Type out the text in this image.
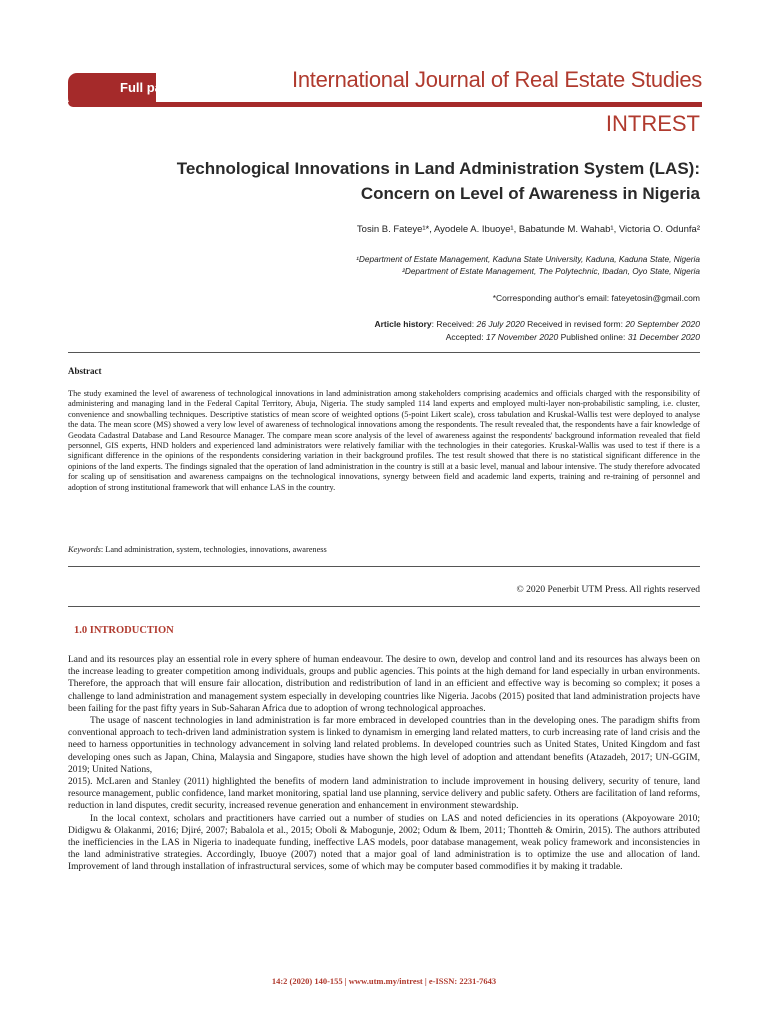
Full paper	International Journal of Real Estate Studies
INTREST
Technological Innovations in Land Administration System (LAS):
Concern on Level of Awareness in Nigeria
Tosin B. Fateye¹*, Ayodele A. Ibuoye¹, Babatunde M. Wahab¹, Victoria O. Odunfa²
¹Department of Estate Management, Kaduna State University, Kaduna, Kaduna State, Nigeria
²Department of Estate Management, The Polytechnic, Ibadan, Oyo State, Nigeria
*Corresponding author's email: fateyetosin@gmail.com
Article history: Received: 26 July 2020 Received in revised form: 20 September 2020
Accepted: 17 November 2020 Published online: 31 December 2020
Abstract
The study examined the level of awareness of technological innovations in land administration among stakeholders comprising academics and officials charged with the responsibility of administering and managing land in the Federal Capital Territory, Abuja, Nigeria. The study sampled 114 land experts and employed multi-layer non-probabilistic sampling, i.e. cluster, convenience and snowballing techniques. Descriptive statistics of mean score of weighted options (5-point Likert scale), cross tabulation and Kruskal-Wallis test were deployed to analyse the data. The mean score (MS) showed a very low level of awareness of technological innovations among the respondents. The result revealed that, the respondents have a fair knowledge of Geodata Cadastral Database and Land Resource Manager. The compare mean score analysis of the level of awareness against the respondents' background information revealed that field personnel, GIS experts, HND holders and experienced land administrators were relatively familiar with the technologies in their categories. Kruskal-Wallis was used to test if there is a significant difference in the opinions of the respondents considering variation in their background profiles. The test result showed that there is no statistical significant difference in the opinions of the land experts. The findings signaled that the operation of land administration in the country is still at a basic level, manual and labour intensive. The study therefore advocated for scaling up of sensitisation and awareness campaigns on the technological innovations, synergy between field and academic land experts, training and re-training of personnel and adoption of strong institutional framework that will enhance LAS in the country.
Keywords: Land administration, system, technologies, innovations, awareness
© 2020 Penerbit UTM Press. All rights reserved
1.0 INTRODUCTION

Land and its resources play an essential role in every sphere of human endeavour. The desire to own, develop and control land and its resources has always been on the increase leading to greater competition among individuals, groups and public agencies. This points at the high demand for land especially in urban environments. Therefore, the approach that will ensure fair allocation, distribution and redistribution of land in an efficient and effective way is becoming so complex; it poses a challenge to land administration and management system especially in developing countries like Nigeria. Jacobs (2015) posited that land administration projects have been failing for the past fifty years in Sub-Saharan Africa due to adoption of wrong technological approaches.

The usage of nascent technologies in land administration is far more embraced in developed countries than in the developing ones. The paradigm shifts from conventional approach to tech-driven land administration system is linked to dynamism in emerging land related matters, to curb increasing rate of land crisis and the need to harness opportunities in technology advancement in solving land related problems. In developed countries such as United States, United Kingdom and fast developing ones such as Japan, China, Malaysia and Singapore, studies have shown the high level of adoption and attendant benefits (Atazadeh, 2017; UN-GGIM, 2019; United Nations,

2015). McLaren and Stanley (2011) highlighted the benefits of modern land administration to include improvement in housing delivery, security of tenure, land resource management, public confidence, land market monitoring, spatial land use planning, service delivery and public safety. Others are facilitation of land reforms, reduction in land disputes, credit security, increased revenue generation and enhancement in environment stewardship.

In the local context, scholars and practitioners have carried out a number of studies on LAS and noted deficiencies in its operations (Akpoyoware 2010; Didigwu & Olakanmi, 2016; Djiré, 2007; Babalola et al., 2015; Oboli & Mabogunje, 2002; Odum & Ibem, 2011; Thontteh & Omirin, 2015). The authors attributed the inefficiencies in the LAS in Nigeria to inadequate funding, ineffective LAS models, poor database management, weak policy framework and inconsistencies in the land administrative strategies. Accordingly, Ibuoye (2007) noted that a major goal of land administration is to optimize the use and allocation of land. Improvement of land through installation of infrastructural services, some of which may be computer based commodifies it by making it tradable.

14:2 (2020) 140-155 | www.utm.my/intrest | e-ISSN: 2231-7643
